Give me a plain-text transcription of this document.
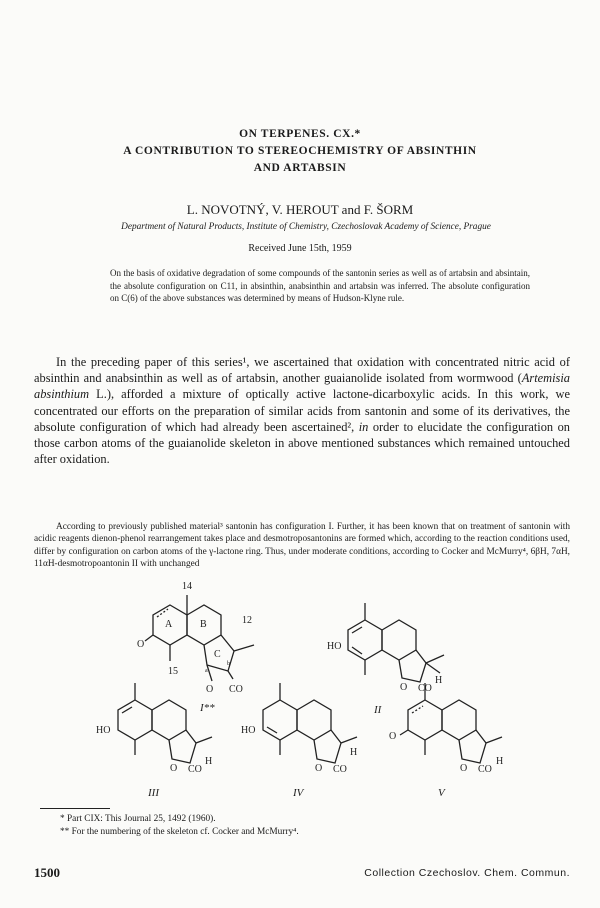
ON TERPENES. CX.*
A CONTRIBUTION TO STEREOCHEMISTRY OF ABSINTHIN
AND ARTABSIN
L. NOVOTNÝ, V. HEROUT and F. ŠORM
Department of Natural Products, Institute of Chemistry, Czechoslovak Academy of Science, Prague
Received June 15th, 1959
On the basis of oxidative degradation of some compounds of the santonin series as well as of artabsin and absintain, the absolute configuration on C11, in absinthin, anabsinthin and artabsin was inferred. The absolute configuration on C(6) of the above substances was determined by means of Hudson-Klyne rule.

In the preceding paper of this series¹, we ascertained that oxidation with concentrated nitric acid of absinthin and anabsinthin as well as of artabsin, another guaianolide isolated from wormwood (Artemisia absinthium L.), afforded a mixture of optically active lactone-dicarboxylic acids. In this work, we concentrated our efforts on the preparation of similar acids from santonin and some of its derivatives, the absolute configuration of which had already been ascertained², in order to elucidate the configuration on those carbon atoms of the guaianolide skeleton in above mentioned substances which remained untouched after oxidation.

According to previously published material³ santonin has configuration I. Further, it has been known that on treatment of santonin with acidic reagents dienon-phenol rearrangement takes place and desmotroposantonins are formed which, according to the reaction conditions used, differ by configuration on carbon atoms of the γ-lactone ring. Thus, under moderate conditions, according to Cocker and McMurry⁴, 6βH, 7αH, 11αH-desmotropoantonin II with unchanged

14
12
15
A	B
C
O
O CO
a
b
I**
HO
O CO
H
II
HO
O CO
H
III
HO
O CO
H
IV
O
O CO
H
V
* Part CIX: This Journal 25, 1492 (1960).
** For the numbering of the skeleton cf. Cocker and McMurry⁴.
1500	Collection Czechoslov. Chem. Commun.
